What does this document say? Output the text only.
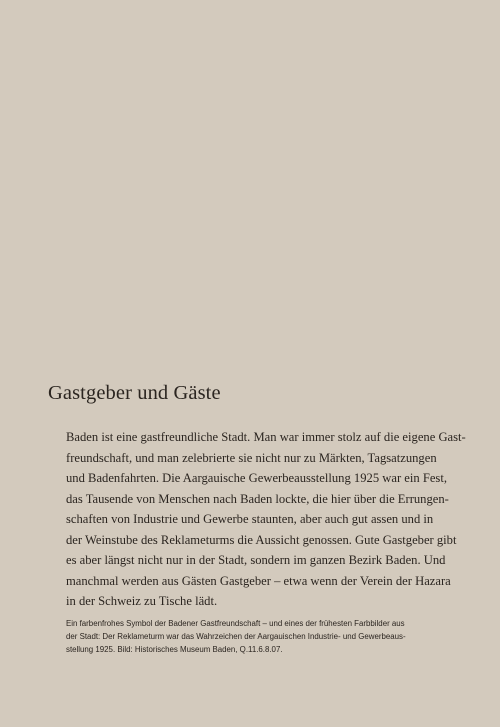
Gastgeber und Gäste
Baden ist eine gastfreundliche Stadt. Man war immer stolz auf die eigene Gast-
freundschaft, und man zelebrierte sie nicht nur zu Märkten, Tagsatzungen
und Badenfahrten. Die Aargauische Gewerbeausstellung 1925 war ein Fest,
das Tausende von Menschen nach Baden lockte, die hier über die Errungen-
schaften von Industrie und Gewerbe staunten, aber auch gut assen und in
der Weinstube des Reklameturms die Aussicht genossen. Gute Gastgeber gibt
es aber längst nicht nur in der Stadt, sondern im ganzen Bezirk Baden. Und
manchmal werden aus Gästen Gastgeber – etwa wenn der Verein der Hazara
in der Schweiz zu Tische lädt.
Ein farbenfrohes Symbol der Badener Gastfreundschaft – und eines der frühesten Farbbilder aus
der Stadt: Der Reklameturm war das Wahrzeichen der Aargauischen Industrie- und Gewerbeaus-
stellung 1925. Bild: Historisches Museum Baden, Q.11.6.8.07.
